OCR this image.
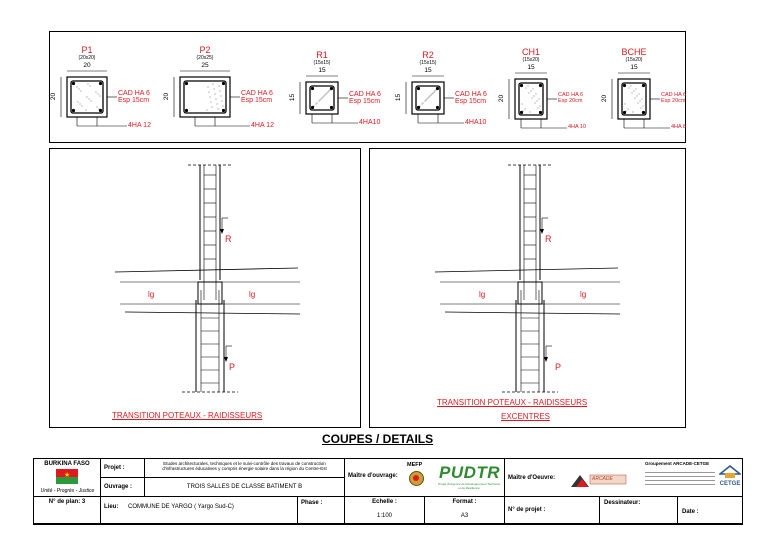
P1
(20x20)
20
20	CAD HA 6
Esp 15cm
4HA 12
P2
(20x25)
25
20	CAD HA 6
Esp 15cm
4HA 12
R1
(15x15)
15
15	CAD HA 6
Esp 15cm
4HA10
R2
(15x15)
15
15	CAD HA 6
Esp 15cm
4HA10
CH1
(15x20)
15
20	CAD HA 6
Esp 20cm
4HA 10
BCHE
(15x20)
15
20	CAD HA 6
Esp 20cm
4HA 8
R
P
lg	lg
TRANSITION POTEAUX - RAIDISSEURS
R
P
lg	lg
TRANSITION POTEAUX - RAIDISSEURS
EXCENTRES
COUPES / DETAILS
BURKINA FASO
★
Unité - Progrès - Justice
N° de plan: 3
Projet :
Etudes architecturales, techniques et le suivi-contrôle des travaux de construction d'infrastructures éducatives y compris énergie solaire dans la région du Centre-Est
Ouvrage :	TROIS SALLES DE CLASSE BATIMENT B
Lieu: COMMUNE DE YARGO ( Yargo Sud-C)
Phase :
Maître d'ouvrage:
MEFP PUDTR
Projet d'Urgence de Développement Territorial et de Résilience
Echelle :
1:100
Format :
A3
Maître d'Oeuvre:
Groupement ARCADE-CETGE
ARCADE
CETGE
N° de projet :
Dessinateur:
Date :
